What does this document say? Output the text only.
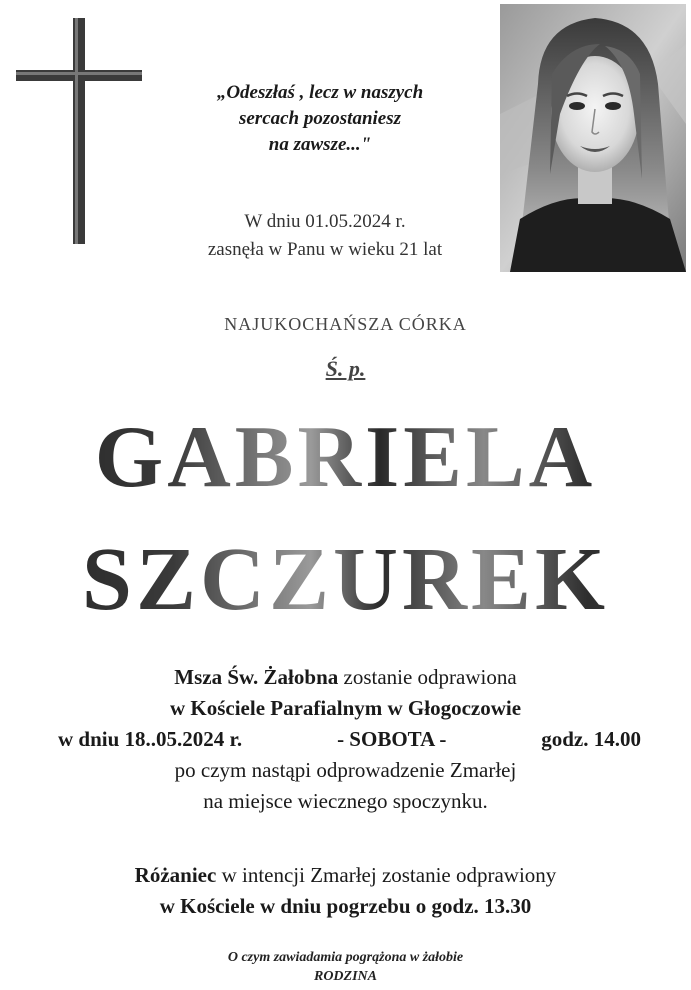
„Odeszłaś , lecz w naszych
sercach pozostaniesz
na zawsze..."
W dniu 01.05.2024 r.
zasnęła w Panu w wieku 21 lat
NAJUKOCHAŃSZA CÓRKA
Ś. p.
GABRIELA
SZCZUREK
Msza Św. Żałobna zostanie odprawiona
w Kościele Parafialnym w Głogoczowie
w dniu 18..05.2024 r.	- SOBOTA -	godz. 14.00
po czym nastąpi odprowadzenie Zmarłej
na miejsce wiecznego spoczynku.
Różaniec w intencji Zmarłej zostanie odprawiony
w Kościele w dniu pogrzebu o godz. 13.30
O czym zawiadamia pogrążona w żałobie
RODZINA
